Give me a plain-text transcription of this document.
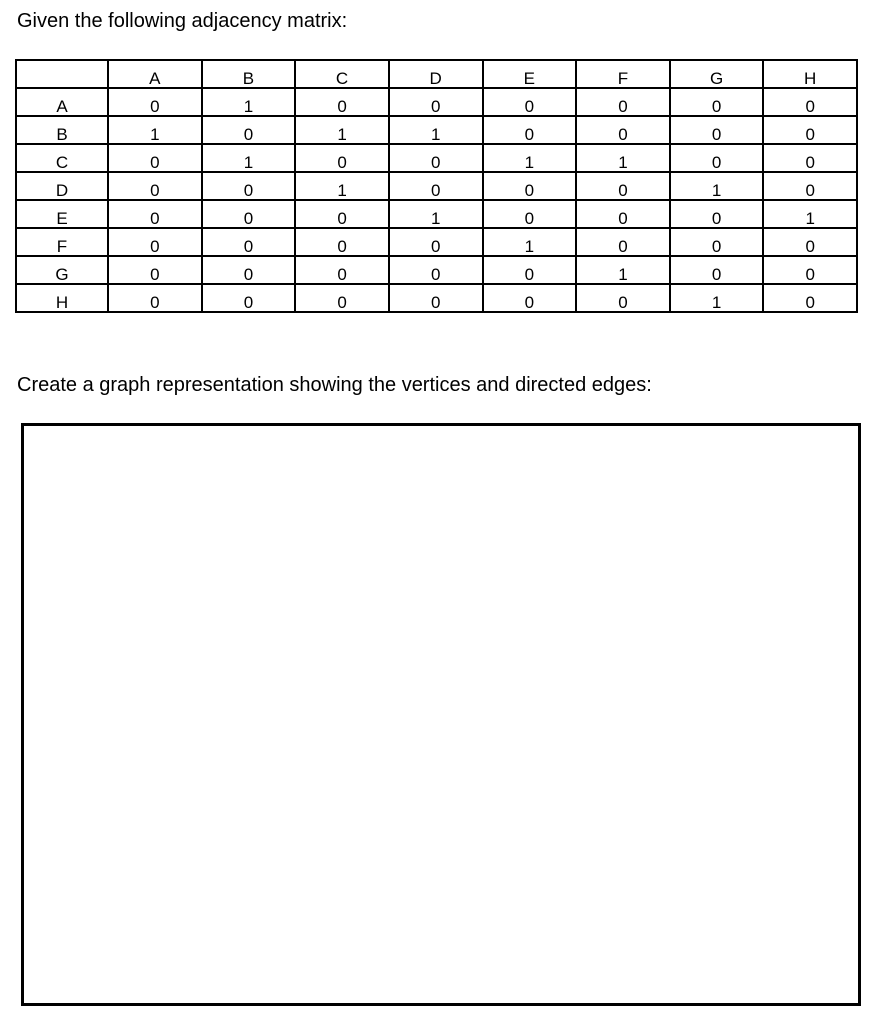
Given the following adjacency matrix:
	A	B	C	D	E	F	G	H
A	0	1	0	0	0	0	0	0
B	1	0	1	1	0	0	0	0
C	0	1	0	0	1	1	0	0
D	0	0	1	0	0	0	1	0
E	0	0	0	1	0	0	0	1
F	0	0	0	0	1	0	0	0
G	0	0	0	0	0	1	0	0
H	0	0	0	0	0	0	1	0
Create a graph representation showing the vertices and directed edges:
